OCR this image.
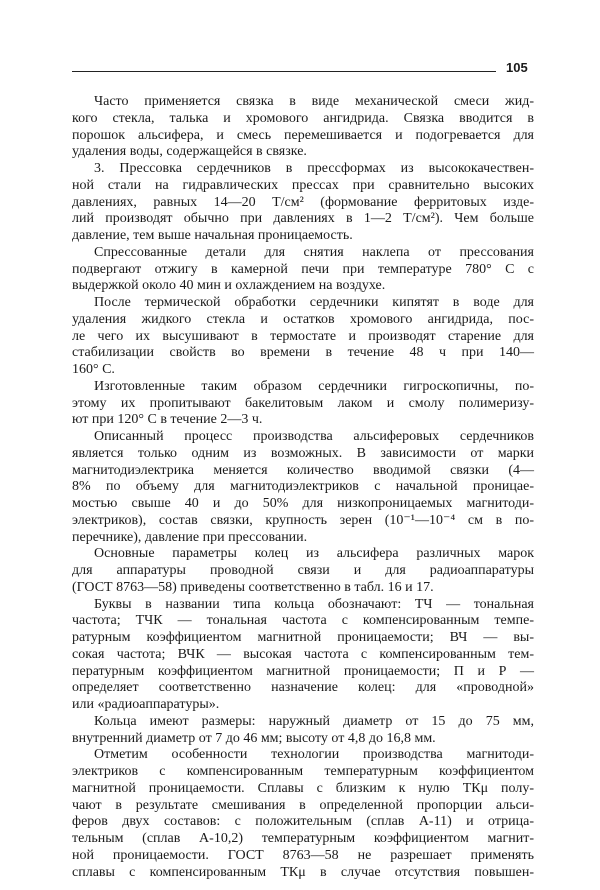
105
Часто применяется связка в виде механической смеси жид-
кого стекла, талька и хромового ангидрида. Связка вводится в
порошок альсифера, и смесь перемешивается и подогревается для
удаления воды, содержащейся в связке.
3. Прессовка сердечников в прессформах из высококачествен-
ной стали на гидравлических прессах при сравнительно высоких
давлениях, равных 14—20 Т/см² (формование ферритовых изде-
лий производят обычно при давлениях в 1—2 Т/см²). Чем больше
давление, тем выше начальная проницаемость.
Спрессованные детали для снятия наклепа от прессования
подвергают отжигу в камерной печи при температуре 780° С с
выдержкой около 40 мин и охлаждением на воздухе.
После термической обработки сердечники кипятят в воде для
удаления жидкого стекла и остатков хромового ангидрида, пос-
ле чего их высушивают в термостате и производят старение для
стабилизации свойств во времени в течение 48 ч при 140—
160° С.
Изготовленные таким образом сердечники гигроскопичны, по-
этому их пропитывают бакелитовым лаком и смолу полимеризу-
ют при 120° С в течение 2—3 ч.
Описанный процесс производства альсиферовых сердечников
является только одним из возможных. В зависимости от марки
магнитодиэлектрика меняется количество вводимой связки (4—
8% по объему для магнитодиэлектриков с начальной проницае-
мостью свыше 40 и до 50% для низкопроницаемых магнитоди-
электриков), состав связки, крупность зерен (10⁻¹—10⁻⁴ см в по-
перечнике), давление при прессовании.
Основные параметры колец из альсифера различных марок
для аппаратуры проводной связи и для радиоаппаратуры
(ГОСТ 8763—58) приведены соответственно в табл. 16 и 17.
Буквы в названии типа кольца обозначают: ТЧ — тональная
частота; ТЧК — тональная частота с компенсированным темпе-
ратурным коэффициентом магнитной проницаемости; ВЧ — вы-
сокая частота; ВЧК — высокая частота с компенсированным тем-
пературным коэффициентом магнитной проницаемости; П и Р —
определяет соответственно назначение колец: для «проводной»
или «радиоаппаратуры».
Кольца имеют размеры: наружный диаметр от 15 до 75 мм,
внутренний диаметр от 7 до 46 мм; высоту от 4,8 до 16,8 мм.
Отметим особенности технологии производства магнитоди-
электриков с компенсированным температурным коэффициентом
магнитной проницаемости. Сплавы с близким к нулю ТКμ полу-
чают в результате смешивания в определенной пропорции альси-
феров двух составов: с положительным (сплав А-11) и отрица-
тельным (сплав А-10,2) температурным коэффициентом магнит-
ной проницаемости. ГОСТ 8763—58 не разрешает применять
сплавы с компенсированным ТКμ в случае отсутствия повышен-
